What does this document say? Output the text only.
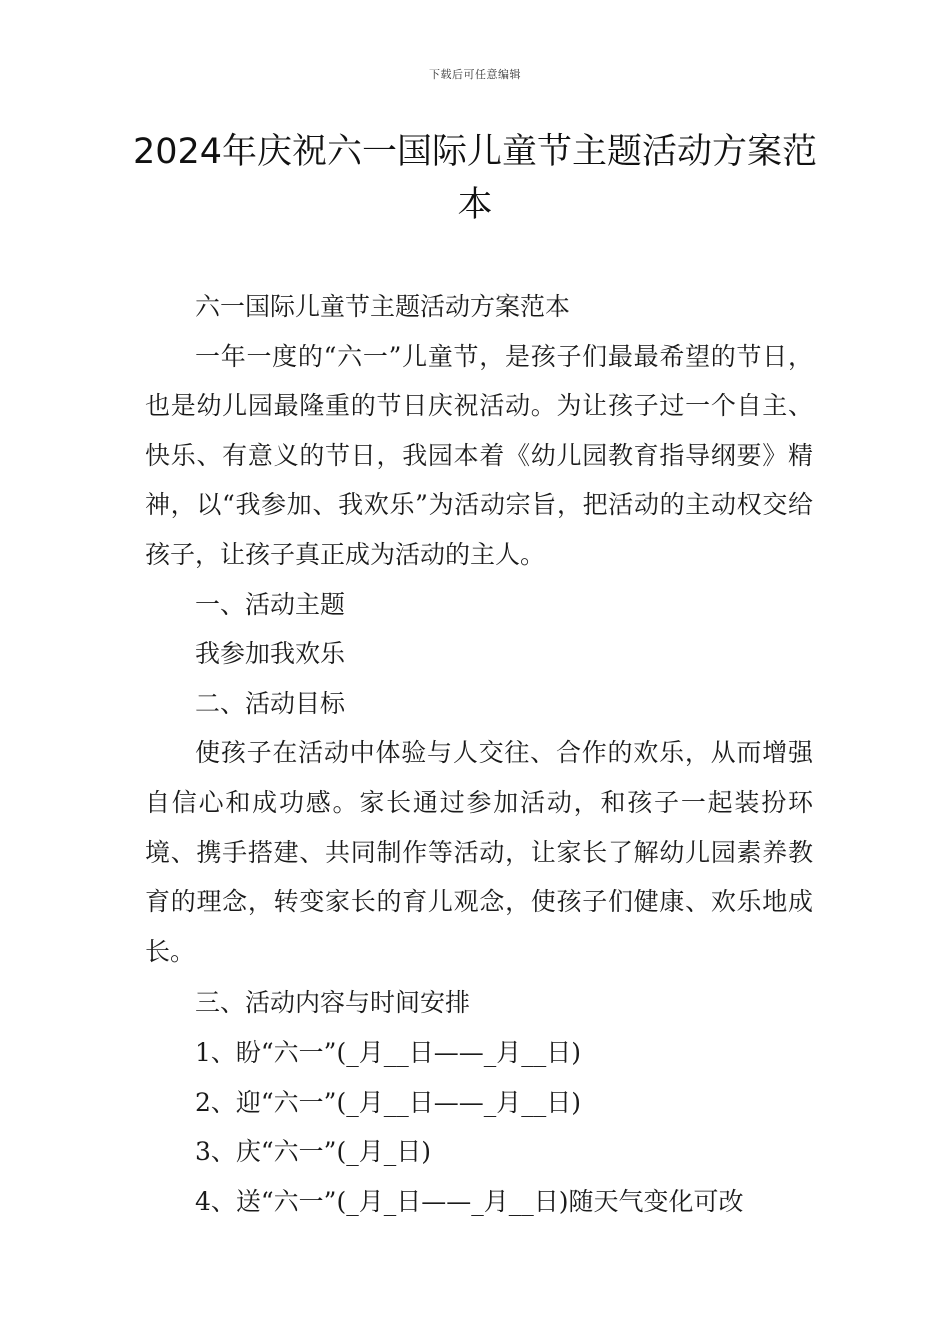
下载后可任意编辑
2024年庆祝六一国际儿童节主题活动方案范本

六一国际儿童节主题活动方案范本

一年一度的“六一”儿童节，是孩子们最最希望的节日，也是幼儿园最隆重的节日庆祝活动。为让孩子过一个自主、快乐、有意义的节日，我园本着《幼儿园教育指导纲要》精神，以“我参加、我欢乐”为活动宗旨，把活动的主动权交给孩子，让孩子真正成为活动的主人。

一、活动主题

我参加我欢乐

二、活动目标

使孩子在活动中体验与人交往、合作的欢乐，从而增强自信心和成功感。家长通过参加活动，和孩子一起装扮环境、携手搭建、共同制作等活动，让家长了解幼儿园素养教育的理念，转变家长的育儿观念，使孩子们健康、欢乐地成长。

三、活动内容与时间安排

1、盼“六一”(_月__日——_月__日)

2、迎“六一”(_月__日——_月__日)

3、庆“六一”(_月_日)

4、送“六一”(_月_日——_月__日)随天气变化可改
